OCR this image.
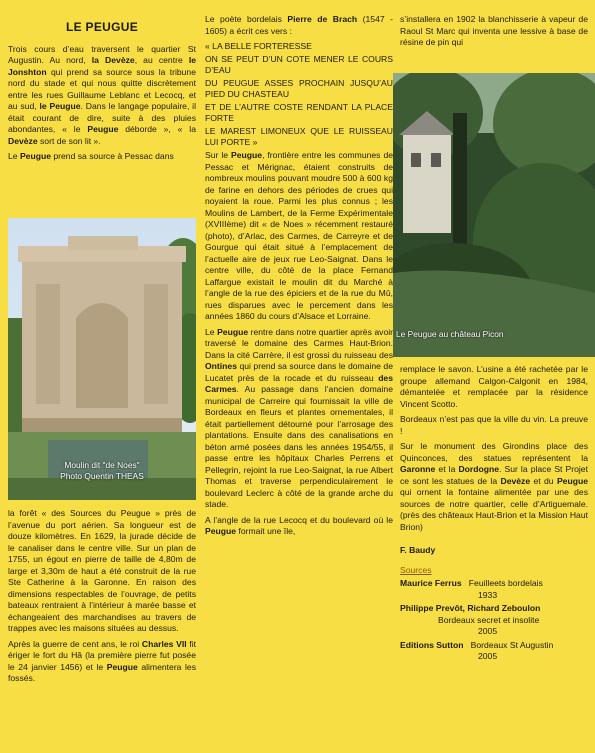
LE PEUGUE

Trois cours d’eau traversent le quartier St Augustin. Au nord, la Devèze, au centre le Jonshton qui prend sa source sous la tribune nord du stade et qui nous quitte discrètement entre les rues Guillaume Leblanc et Lecocq, et au sud, le Peugue. Dans le langage populaire, il était courant de dire, suite à des pluies abondantes, « le Peugue déborde », « la Devèze sort de son lit ».

Le Peugue prend sa source à Pessac dans

Moulin dit "de Noes"
Photo Quentin THEAS

la forêt « des Sources du Peugue » près de l’avenue du port aérien. Sa longueur est de douze kilomètres. En 1629, la jurade décide de le canaliser dans le centre ville. Sur un plan de 1755, un égout en pierre de taille de 4,80m de large et 3,30m de haut a été construit de la rue Ste Catherine à la Garonne. En raison des dimensions respectables de l’ouvrage, de petits bateaux rentraient à l’intérieur à marée basse et échangeaient des marchandises au travers de trappes avec les maisons situées au dessus.

Après la guerre de cent ans, le roi Charles VII fit ériger le fort du Hâ (la première pierre fut posée le 24 janvier 1456) et le Peugue alimentera les fossés.

Le poète bordelais Pierre de Brach (1547 - 1605) a écrit ces vers :

« LA BELLE FORTERESSE
ON SE PEUT D’UN COTE MENER LE COURS D’EAU
DU PEUGUE ASSES PROCHAIN JUSQU’AU PIED DU CHASTEAU
ET DE L’AUTRE COSTE RENDANT LA PLACE FORTE
LE MAREST LIMONEUX QUE LE RUISSEAU LUI PORTE »

Sur le Peugue, frontière entre les communes de Pessac et Mérignac, étaient construits de nombreux moulins pouvant moudre 500 à 600 kg de farine en dehors des périodes de crues qui noyaient la roue. Parmi les plus connus ; les Moulins de Lambert, de la Ferme Expérimentale (XVIIIème) dit « de Noes » récemment restauré (photo), d’Arlac, des Carmes, de Carreyre et de Gourgue qui était situé à l’emplacement de l’actuelle aire de jeux rue Leo-Saignat. Dans le centre ville, du côté de la place Fernand Laffargue existait le moulin dit du Marché à l’angle de la rue des épiciers et de la rue du Mû, rues disparues avec le percement dans les années 1860 du cours d’Alsace et Lorraine.

Le Peugue rentre dans notre quartier après avoir traversé le domaine des Carmes Haut-Brion. Dans la cité Carrère, il est grossi du ruisseau des Ontines qui prend sa source dans le domaine de Lucatet près de la rocade et du ruisseau des Carmes. Au passage dans l’ancien domaine municipal de Carreire qui fournissait la ville de Bordeaux en fleurs et plantes ornementales, il était partiellement détourné pour l’arrosage des plantations. Ensuite dans des canalisations en béton armé posées dans les années 1954/55, il passe entre les hôpitaux Charles Perrens et Pellegrin, rejoint la rue Leo-Saignat, la rue Albert Thomas et traverse perpendiculairement le boulevard Leclerc à côté de la grande arche du stade.

A l’angle de la rue Lecocq et du boulevard où le Peugue formait une île,

s’installera en 1902 la blanchisserie à vapeur de Raoul St Marc qui inventa une lessive à base de résine de pin qui

Le Peugue au château Picon

remplace le savon. L’usine a été rachetée par le groupe allemand Calgon-Calgonit en 1984, démantelée et remplacée par la résidence Vincent Scotto.

Bordeaux n’est pas que la ville du vin. La preuve !

Sur le monument des Girondins place des Quinconces, des statues représentent la Garonne et la Dordogne. Sur la place St Projet ce sont les statues de la Devèze et du Peugue qui ornent la fontaine alimentée par une des sources de notre quartier, celle d’Artiguemale. (près des châteaux Haut-Brion et la Mission Haut Brion)

F. Baudy
Sources
Maurice Ferrus Feuilleets bordelais
1933
Philippe Prevôt, Richard Zeboulon
Bordeaux secret et insolite
2005
Editions Sutton Bordeaux St Augustin
2005
